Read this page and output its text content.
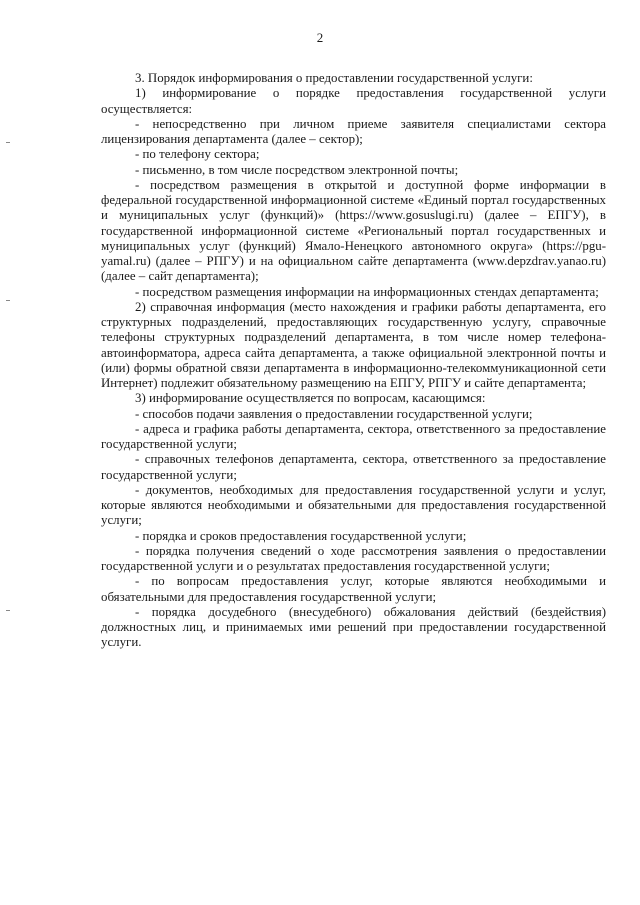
2

3. Порядок информирования о предоставлении государственной услуги:

1) информирование о порядке предоставления государственной услуги осуществляется:

- непосредственно при личном приеме заявителя специалистами сектора лицензирования департамента (далее – сектор);

- по телефону сектора;

- письменно, в том числе посредством электронной почты;

- посредством размещения в открытой и доступной форме информации в федеральной государственной информационной системе «Единый портал государственных и муниципальных услуг (функций)» (https://www.gosuslugi.ru) (далее – ЕПГУ), в государственной информационной системе «Региональный портал государственных и муниципальных услуг (функций) Ямало-Ненецкого автономного округа» (https://pgu-yamal.ru) (далее – РПГУ) и на официальном сайте департамента (www.depzdrav.yanao.ru) (далее – сайт департамента);

- посредством размещения информации на информационных стендах департамента;

2) справочная информация (место нахождения и графики работы департамента, его структурных подразделений, предоставляющих государственную услугу, справочные телефоны структурных подразделений департамента, в том числе номер телефона-автоинформатора, адреса сайта департамента, а также официальной электронной почты и (или) формы обратной связи департамента в информационно-телекоммуникационной сети Интернет) подлежит обязательному размещению на ЕПГУ, РПГУ и сайте департамента;

3) информирование осуществляется по вопросам, касающимся:

- способов подачи заявления о предоставлении государственной услуги;

- адреса и графика работы департамента, сектора, ответственного за предоставление государственной услуги;

- справочных телефонов департамента, сектора, ответственного за предоставление государственной услуги;

- документов, необходимых для предоставления государственной услуги и услуг, которые являются необходимыми и обязательными для предоставления государственной услуги;

- порядка и сроков предоставления государственной услуги;

- порядка получения сведений о ходе рассмотрения заявления о предоставлении государственной услуги и о результатах предоставления государственной услуги;

- по вопросам предоставления услуг, которые являются необходимыми и обязательными для предоставления государственной услуги;

- порядка досудебного (внесудебного) обжалования действий (бездействия) должностных лиц, и принимаемых ими решений при предоставлении государственной услуги.
